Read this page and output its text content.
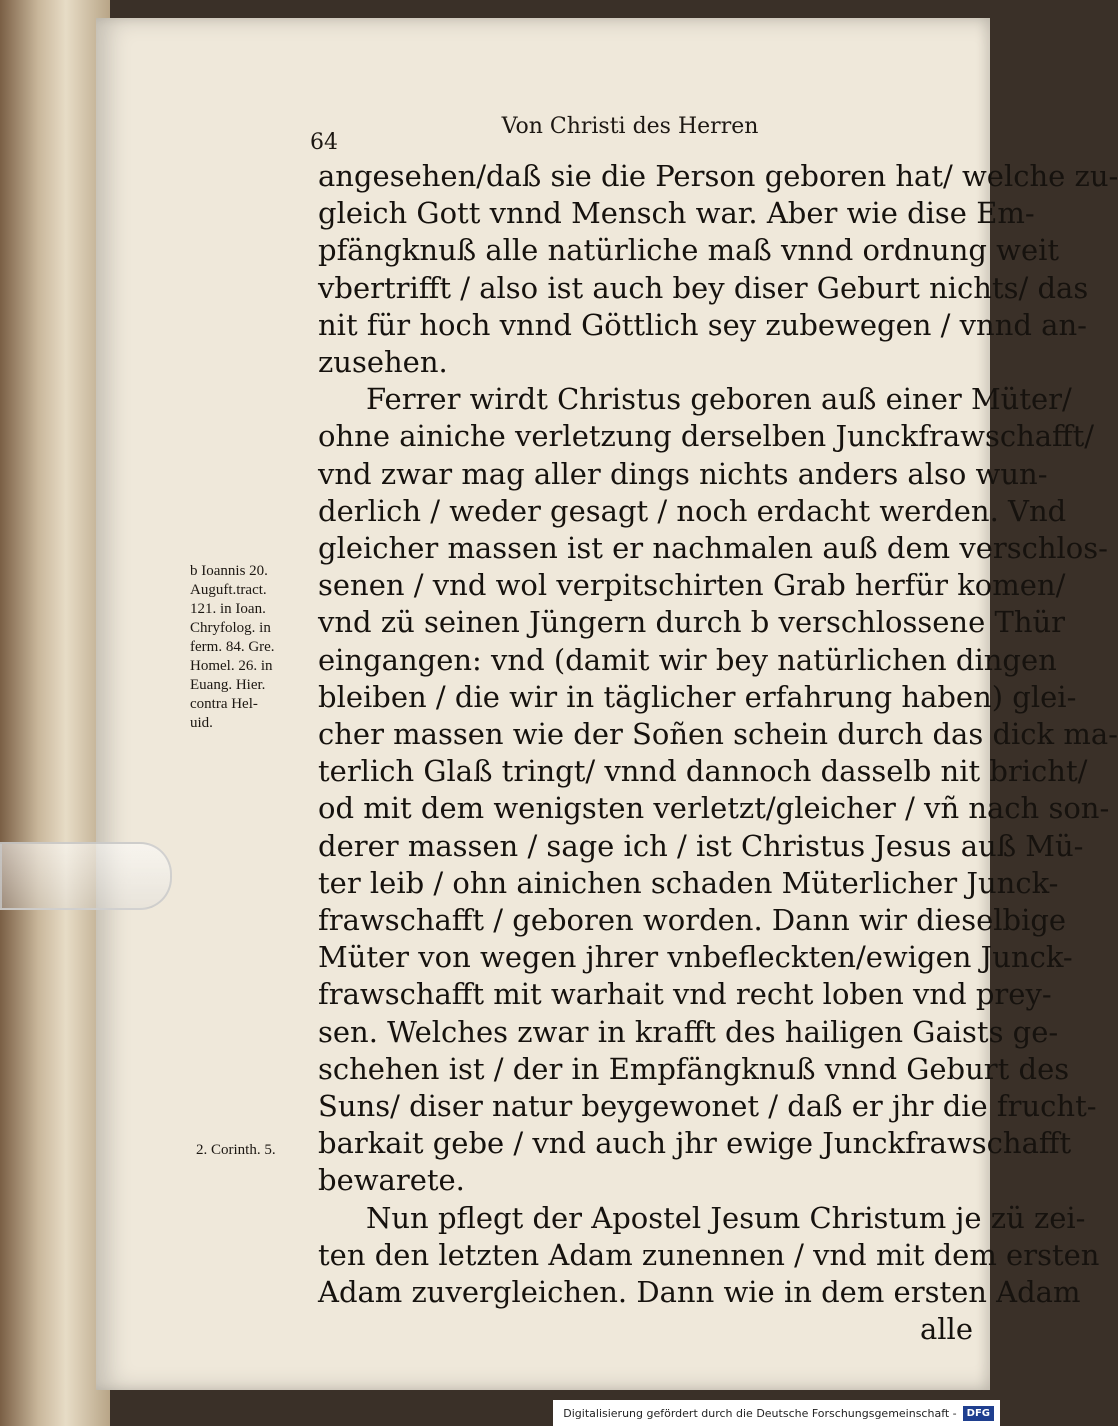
Von Christi des Herren
64
angesehen/daß sie die Person geboren hat/ welche zu-
gleich Gott vnnd Mensch war. Aber wie dise Em-
pfängknuß alle natürliche maß vnnd ordnung weit
vbertrifft / also ist auch bey diser Geburt nichts/ das
nit für hoch vnnd Göttlich sey zubewegen / vnnd an-
zusehen.
Ferrer wirdt Christus geboren auß einer Müter/
ohne ainiche verletzung derselben Junckfrawschafft/
vnd zwar mag aller dings nichts anders also wun-
derlich / weder gesagt / noch erdacht werden. Vnd
gleicher massen ist er nachmalen auß dem verschlos-
senen / vnd wol verpitschirten Grab herfür komen/
vnd zü seinen Jüngern durch b verschlossene Thür
eingangen: vnd (damit wir bey natürlichen dingen
bleiben / die wir in täglicher erfahrung haben) glei-
cher massen wie der Soñen schein durch das dick ma-
terlich Glaß tringt/ vnnd dannoch dasselb nit bricht/
od mit dem wenigsten verletzt/gleicher / vñ nach son-
derer massen / sage ich / ist Christus Jesus auß Mü-
ter leib / ohn ainichen schaden Müterlicher Junck-
frawschafft / geboren worden. Dann wir dieselbige
Müter von wegen jhrer vnbefleckten/ewigen Junck-
frawschafft mit warhait vnd recht loben vnd prey-
sen. Welches zwar in krafft des hailigen Gaists ge-
schehen ist / der in Empfängknuß vnnd Geburt des
Suns/ diser natur beygewonet / daß er jhr die frucht-
barkait gebe / vnd auch jhr ewige Junckfrawschafft
bewarete.
Nun pflegt der Apostel Jesum Christum je zü zei-
ten den letzten Adam zunennen / vnd mit dem ersten
Adam zuvergleichen. Dann wie in dem ersten Adam
alle
b Ioannis 20.
Auguft.tract.
121. in Ioan.
Chryfolog. in
ferm. 84. Gre.
Homel. 26. in
Euang. Hier.
contra Hel-
uid.
2. Corinth. 5.
Digitalisierung gefördert durch die Deutsche Forschungsgemeinschaft -	DFG
